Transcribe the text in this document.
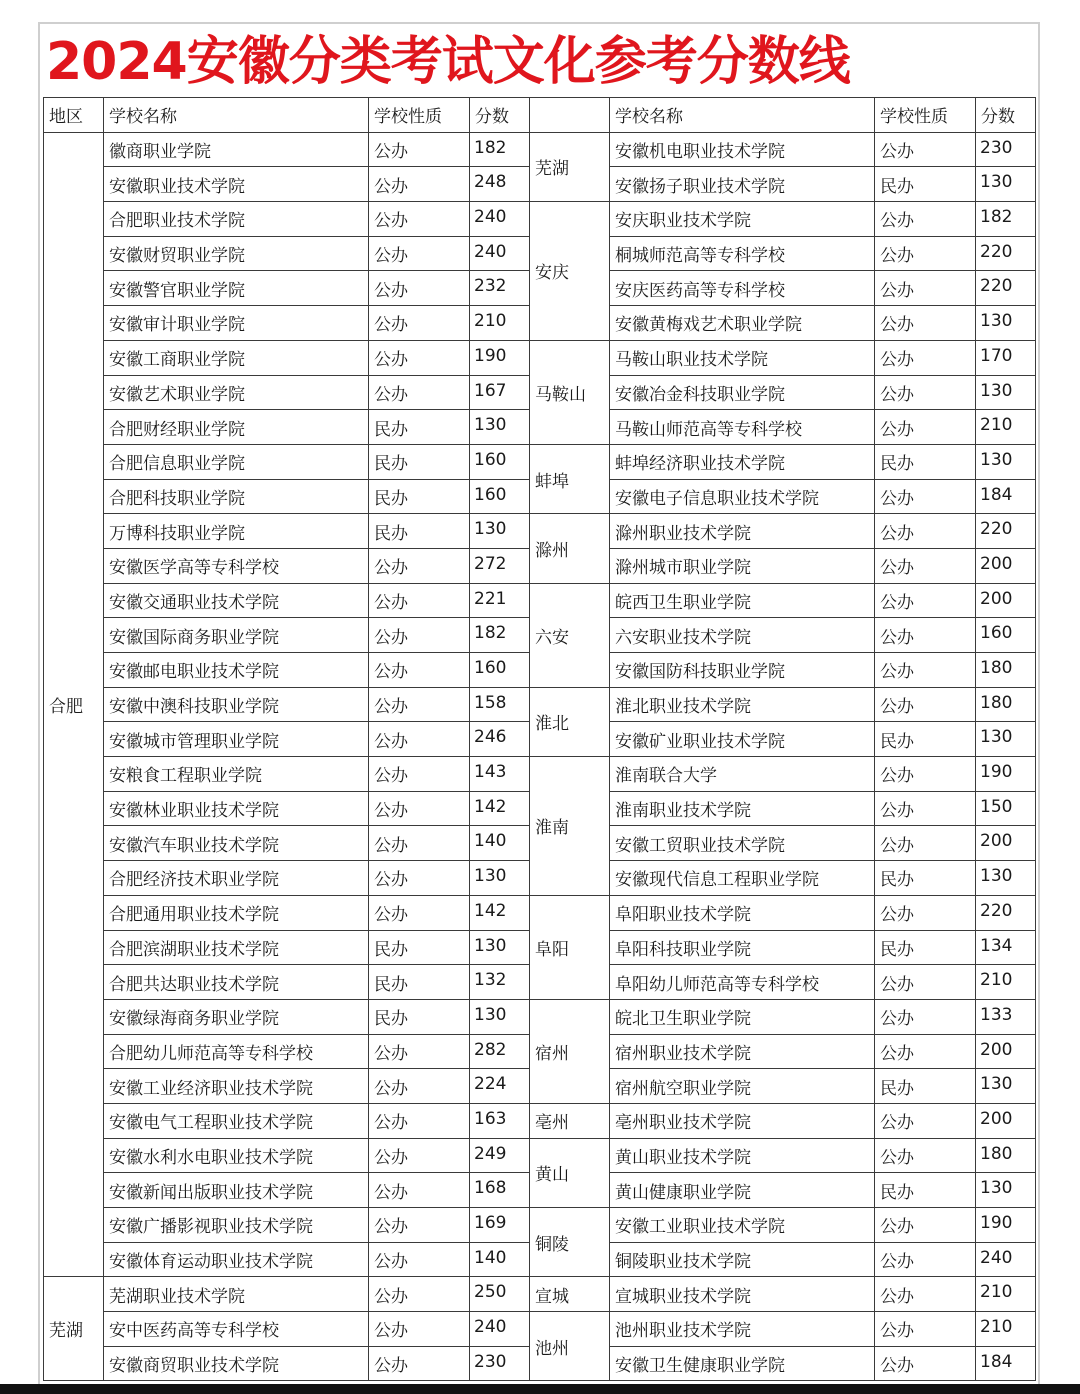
2024安徽分类考试文化参考分数线
地区	学校名称	学校性质	分数		学校名称	学校性质	分数
合肥	徽商职业学院	公办	182	芜湖	安徽机电职业技术学院	公办	230
	安徽职业技术学院	公办	248		安徽扬子职业技术学院	民办	130
	合肥职业技术学院	公办	240	安庆	安庆职业技术学院	公办	182
	安徽财贸职业学院	公办	240		桐城师范高等专科学校	公办	220
	安徽警官职业学院	公办	232		安庆医药高等专科学校	公办	220
	安徽审计职业学院	公办	210		安徽黄梅戏艺术职业学院	公办	130
	安徽工商职业学院	公办	190	马鞍山	马鞍山职业技术学院	公办	170
	安徽艺术职业学院	公办	167		安徽冶金科技职业学院	公办	130
	合肥财经职业学院	民办	130		马鞍山师范高等专科学校	公办	210
	合肥信息职业学院	民办	160	蚌埠	蚌埠经济职业技术学院	民办	130
	合肥科技职业学院	民办	160		安徽电子信息职业技术学院	公办	184
	万博科技职业学院	民办	130	滁州	滁州职业技术学院	公办	220
	安徽医学高等专科学校	公办	272		滁州城市职业学院	公办	200
	安徽交通职业技术学院	公办	221	六安	皖西卫生职业学院	公办	200
	安徽国际商务职业学院	公办	182		六安职业技术学院	公办	160
	安徽邮电职业技术学院	公办	160		安徽国防科技职业学院	公办	180
	安徽中澳科技职业学院	公办	158	淮北	淮北职业技术学院	公办	180
	安徽城市管理职业学院	公办	246		安徽矿业职业技术学院	民办	130
	安粮食工程职业学院	公办	143	淮南	淮南联合大学	公办	190
	安徽林业职业技术学院	公办	142		淮南职业技术学院	公办	150
	安徽汽车职业技术学院	公办	140		安徽工贸职业技术学院	公办	200
	合肥经济技术职业学院	公办	130		安徽现代信息工程职业学院	民办	130
	合肥通用职业技术学院	公办	142	阜阳	阜阳职业技术学院	公办	220
	合肥滨湖职业技术学院	民办	130		阜阳科技职业学院	民办	134
	合肥共达职业技术学院	民办	132		阜阳幼儿师范高等专科学校	公办	210
	安徽绿海商务职业学院	民办	130	宿州	皖北卫生职业学院	公办	133
	合肥幼儿师范高等专科学校	公办	282		宿州职业技术学院	公办	200
	安徽工业经济职业技术学院	公办	224		宿州航空职业学院	民办	130
	安徽电气工程职业技术学院	公办	163	亳州	亳州职业技术学院	公办	200
	安徽水利水电职业技术学院	公办	249	黄山	黄山职业技术学院	公办	180
	安徽新闻出版职业技术学院	公办	168		黄山健康职业学院	民办	130
	安徽广播影视职业技术学院	公办	169	铜陵	安徽工业职业技术学院	公办	190
	安徽体育运动职业技术学院	公办	140		铜陵职业技术学院	公办	240
芜湖	芜湖职业技术学院	公办	250	宣城	宣城职业技术学院	公办	210
	安中医药高等专科学校	公办	240	池州	池州职业技术学院	公办	210
	安徽商贸职业技术学院	公办	230		安徽卫生健康职业学院	公办	184
